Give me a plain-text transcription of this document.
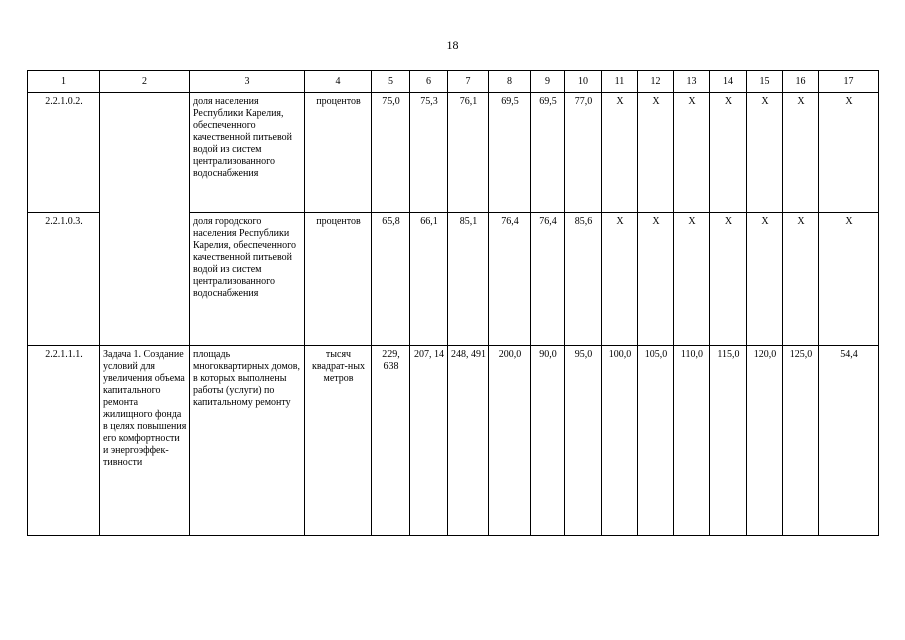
18
1	2	3	4	5	6	7	8	9	10	11	12	13	14	15	16	17
2.2.1.0.2.		доля населения Республики Карелия, обеспеченного качественной питьевой водой из систем централизованного водоснабжения	процентов	75,0	75,3	76,1	69,5	69,5	77,0	X	X	X	X	X	X	X
2.2.1.0.3.		доля городского населения Республики Карелия, обеспеченного качественной питьевой водой из систем централизованного водоснабжения	процентов	65,8	66,1	85,1	76,4	76,4	85,6	X	X	X	X	X	X	X
2.2.1.1.1.	Задача 1. Создание условий для увеличения объема капитального ремонта жилищного фонда в целях повышения его комфортности и энергоэффек-тивности	площадь многоквартирных домов, в которых выполнены работы (услуги) по капитальному ремонту	тысяч квадрат-ных метров	229, 638	207, 14	248, 491	200,0	90,0	95,0	100,0	105,0	110,0	115,0	120,0	125,0	54,4
